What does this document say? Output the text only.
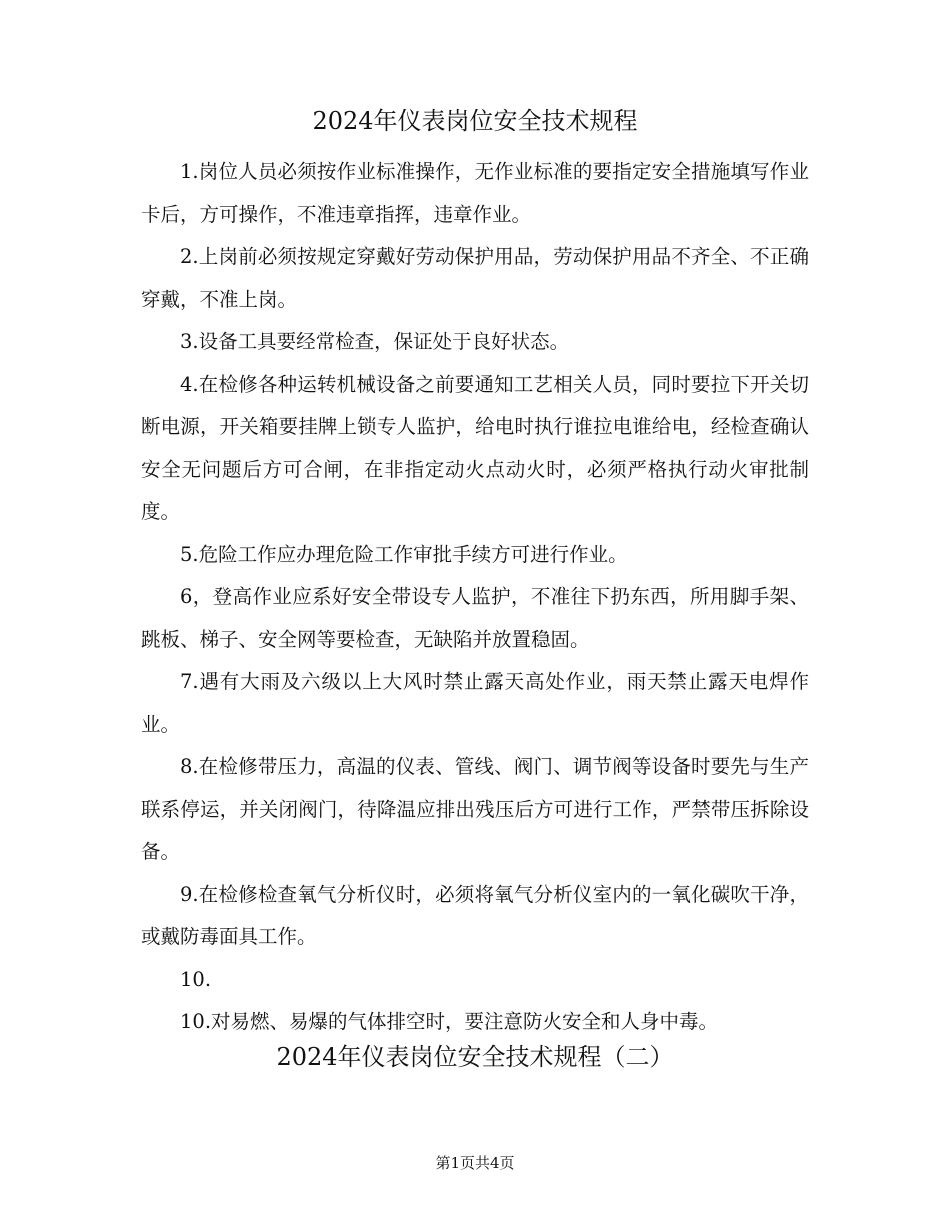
2024年仪表岗位安全技术规程

1.岗位人员必须按作业标准操作，无作业标准的要指定安全措施填写作业卡后，方可操作，不准违章指挥，违章作业。

2.上岗前必须按规定穿戴好劳动保护用品，劳动保护用品不齐全、不正确穿戴，不准上岗。

3.设备工具要经常检查，保证处于良好状态。

4.在检修各种运转机械设备之前要通知工艺相关人员，同时要拉下开关切断电源，开关箱要挂牌上锁专人监护，给电时执行谁拉电谁给电，经检查确认安全无问题后方可合闸，在非指定动火点动火时，必须严格执行动火审批制度。

5.危险工作应办理危险工作审批手续方可进行作业。

6，登高作业应系好安全带设专人监护，不准往下扔东西，所用脚手架、跳板、梯子、安全网等要检查，无缺陷并放置稳固。

7.遇有大雨及六级以上大风时禁止露天高处作业，雨天禁止露天电焊作业。

8.在检修带压力，高温的仪表、管线、阀门、调节阀等设备时要先与生产联系停运，并关闭阀门，待降温应排出残压后方可进行工作，严禁带压拆除设备。

9.在检修检查氧气分析仪时，必须将氧气分析仪室内的一氧化碳吹干净，或戴防毒面具工作。

10.

10.对易燃、易爆的气体排空时，要注意防火安全和人身中毒。

2024年仪表岗位安全技术规程（二）
第1页共4页
